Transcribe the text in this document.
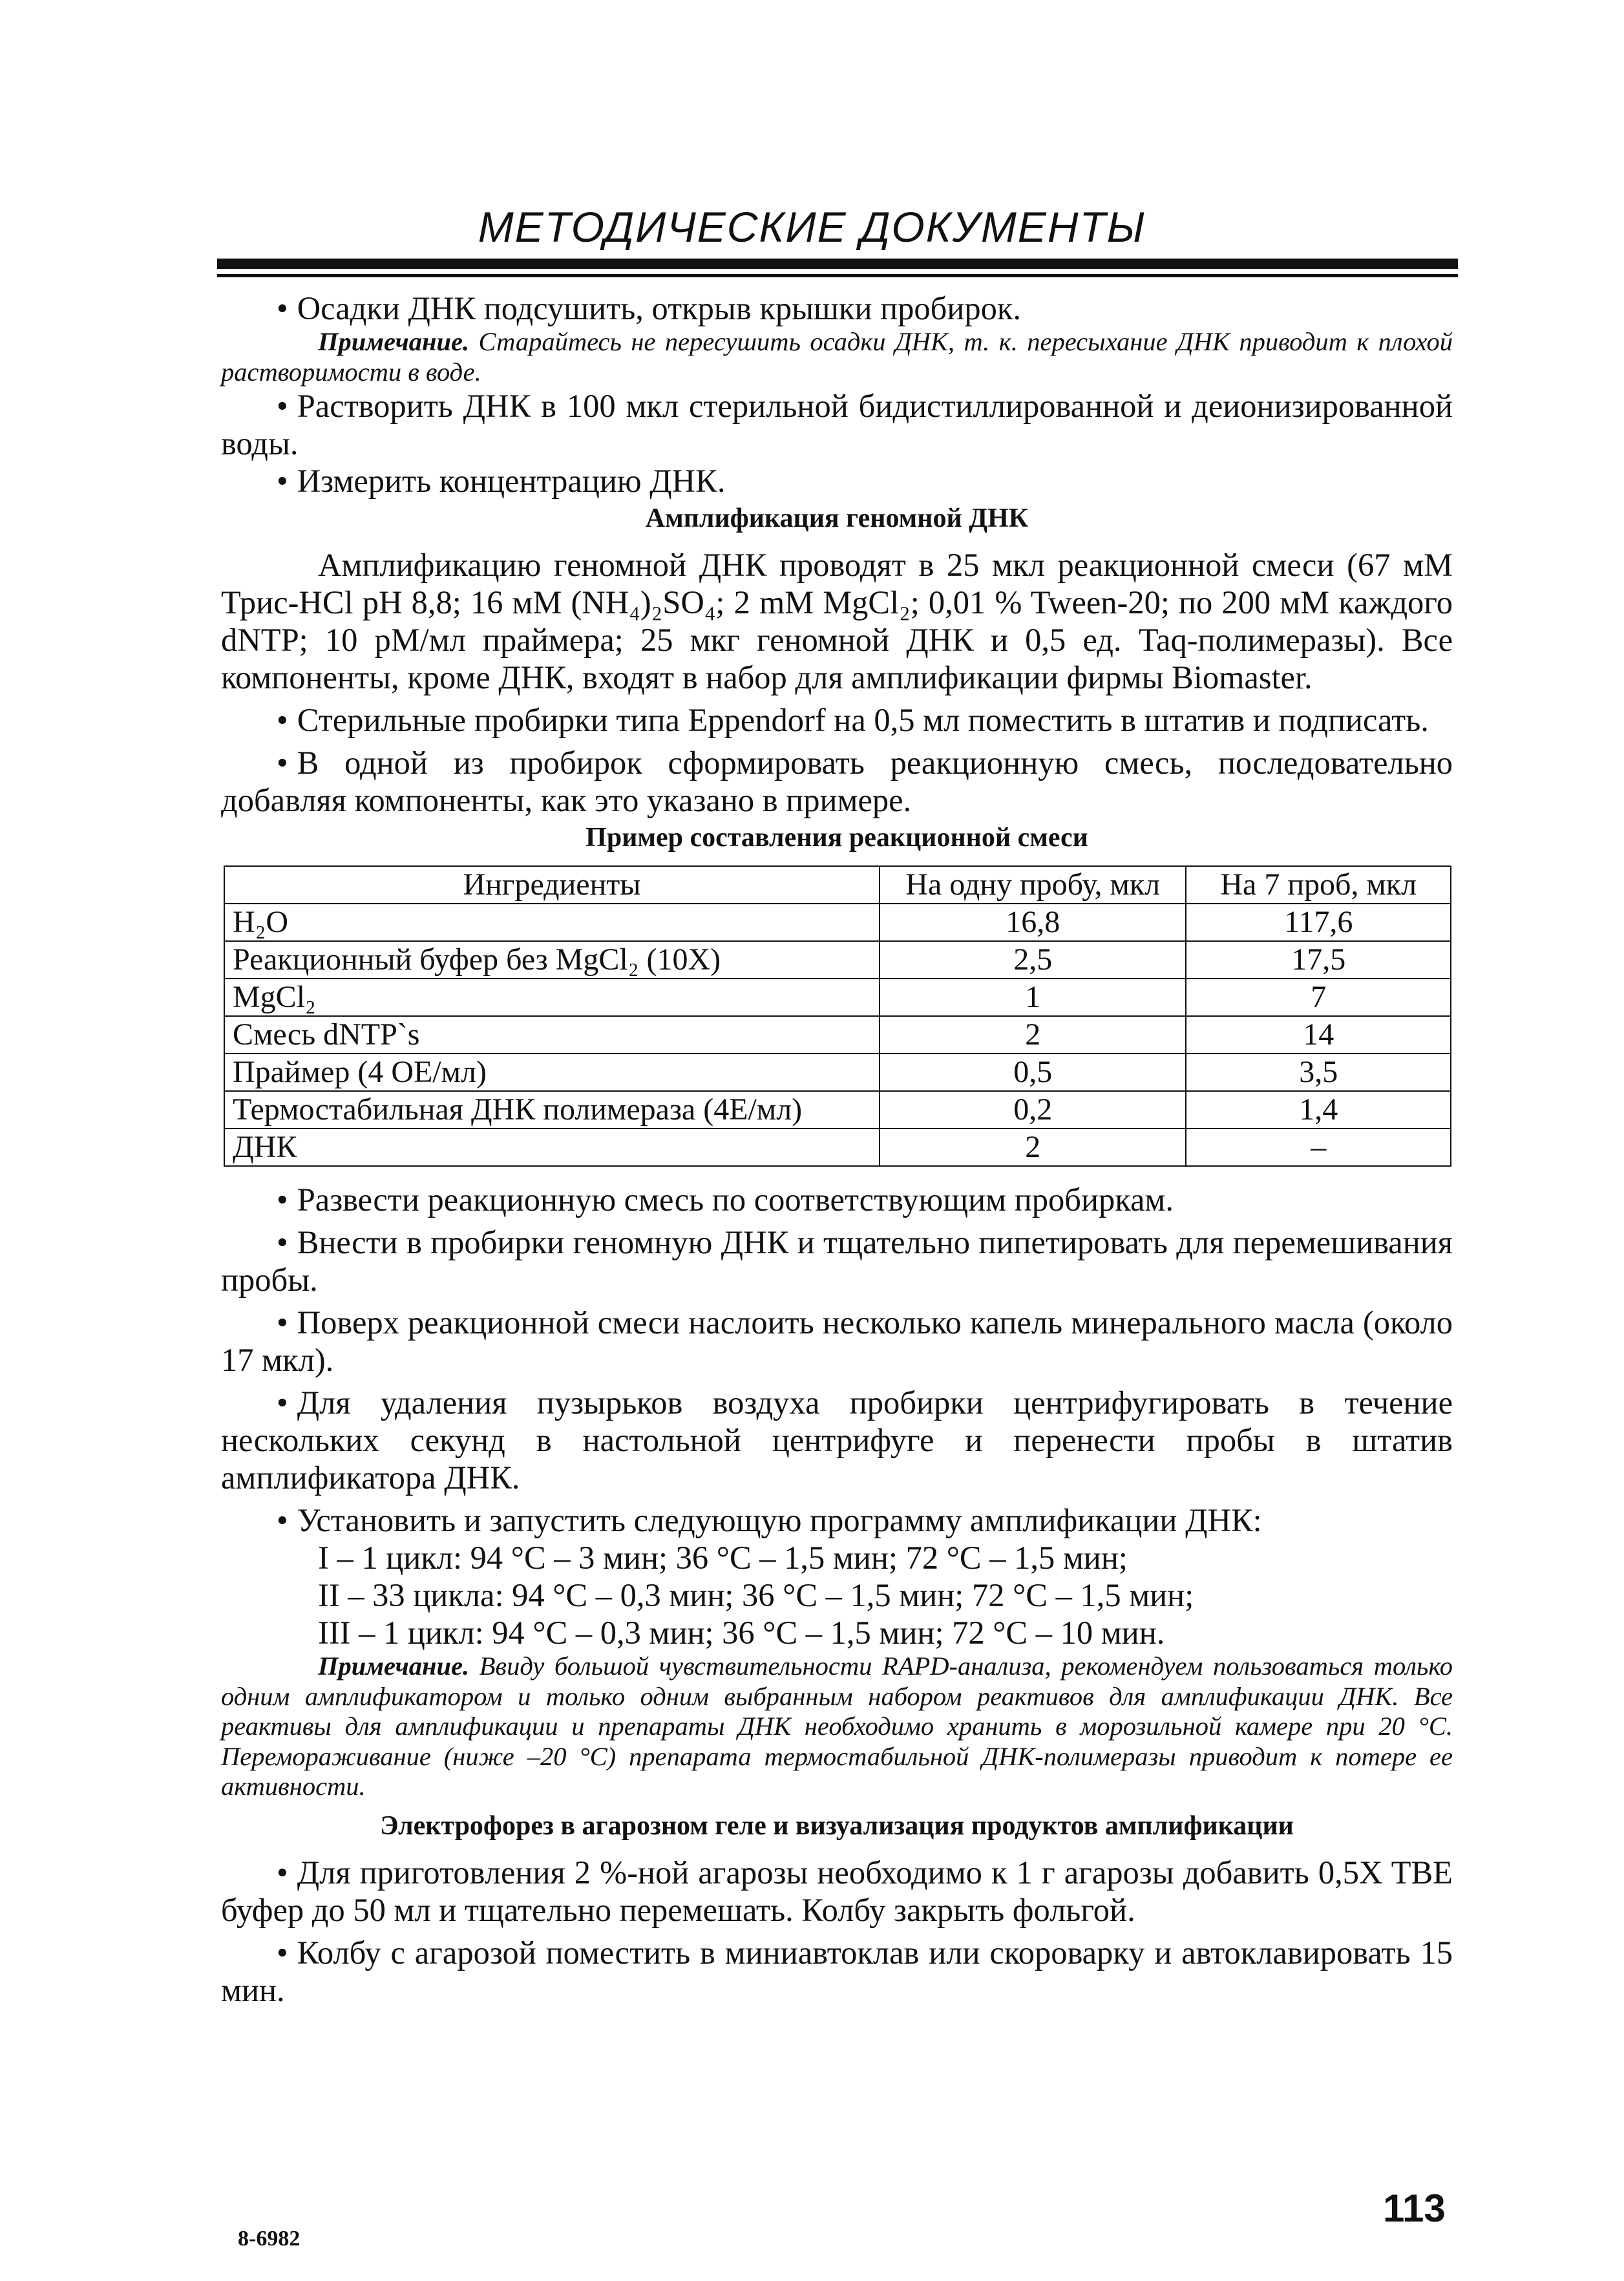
МЕТОДИЧЕСКИЕ ДОКУМЕНТЫ

• Осадки ДНК подсушить, открыв крышки пробирок.

Примечание. Старайтесь не пересушить осадки ДНК, т. к. пересыхание ДНК приводит к плохой растворимости в воде.

• Растворить ДНК в 100 мкл стерильной бидистиллированной и деионизированной воды.

• Измерить концентрацию ДНК.

Амплификация геномной ДНК

Амплификацию геномной ДНК проводят в 25 мкл реакционной смеси (67 мМ Трис-HCl pH 8,8; 16 мМ (NH₄)₂SO₄; 2 mM MgCl₂; 0,01 % Tween-20; по 200 мМ каждого dNTP; 10 pM/мл праймера; 25 мкг геномной ДНК и 0,5 ед. Taq-полимеразы). Все компоненты, кроме ДНК, входят в набор для амплификации фирмы Biomaster.

• Стерильные пробирки типа Eppendorf на 0,5 мл поместить в штатив и подписать.

• В одной из пробирок сформировать реакционную смесь, последовательно добавляя компоненты, как это указано в примере.

Пример составления реакционной смеси

Ингредиенты	На одну пробу, мкл	На 7 проб, мкл
H₂O	16,8	117,6
Реакционный буфер без MgCl₂ (10X)	2,5	17,5
MgCl₂	1	7
Смесь dNTP`s	2	14
Праймер (4 ОЕ/мл)	0,5	3,5
Термостабильная ДНК полимераза (4Е/мл)	0,2	1,4
ДНК	2	–

• Развести реакционную смесь по соответствующим пробиркам.

• Внести в пробирки геномную ДНК и тщательно пипетировать для перемешивания пробы.

• Поверх реакционной смеси наслоить несколько капель минерального масла (около 17 мкл).

• Для удаления пузырьков воздуха пробирки центрифугировать в течение нескольких секунд в настольной центрифуге и перенести пробы в штатив амплификатора ДНК.

• Установить и запустить следующую программу амплификации ДНК:

I – 1 цикл: 94 °С – 3 мин; 36 °С – 1,5 мин; 72 °С – 1,5 мин;

II – 33 цикла: 94 °С – 0,3 мин; 36 °С – 1,5 мин; 72 °С – 1,5 мин;

III – 1 цикл: 94 °С – 0,3 мин; 36 °С – 1,5 мин; 72 °С – 10 мин.

Примечание. Ввиду большой чувствительности RAPD-анализа, рекомендуем пользоваться только одним амплификатором и только одним выбранным набором реактивов для амплификации ДНК. Все реактивы для амплификации и препараты ДНК необходимо хранить в морозильной камере при 20 °С. Перемораживание (ниже –20 °С) препарата термостабильной ДНК-полимеразы приводит к потере ее активности.

Электрофорез в агарозном геле и визуализация продуктов амплификации

• Для приготовления 2 %-ной агарозы необходимо к 1 г агарозы добавить 0,5X TBE буфер до 50 мл и тщательно перемешать. Колбу закрыть фольгой.

• Колбу с агарозой поместить в миниавтоклав или скороварку и автоклавировать 15 мин.

8-6982
113
